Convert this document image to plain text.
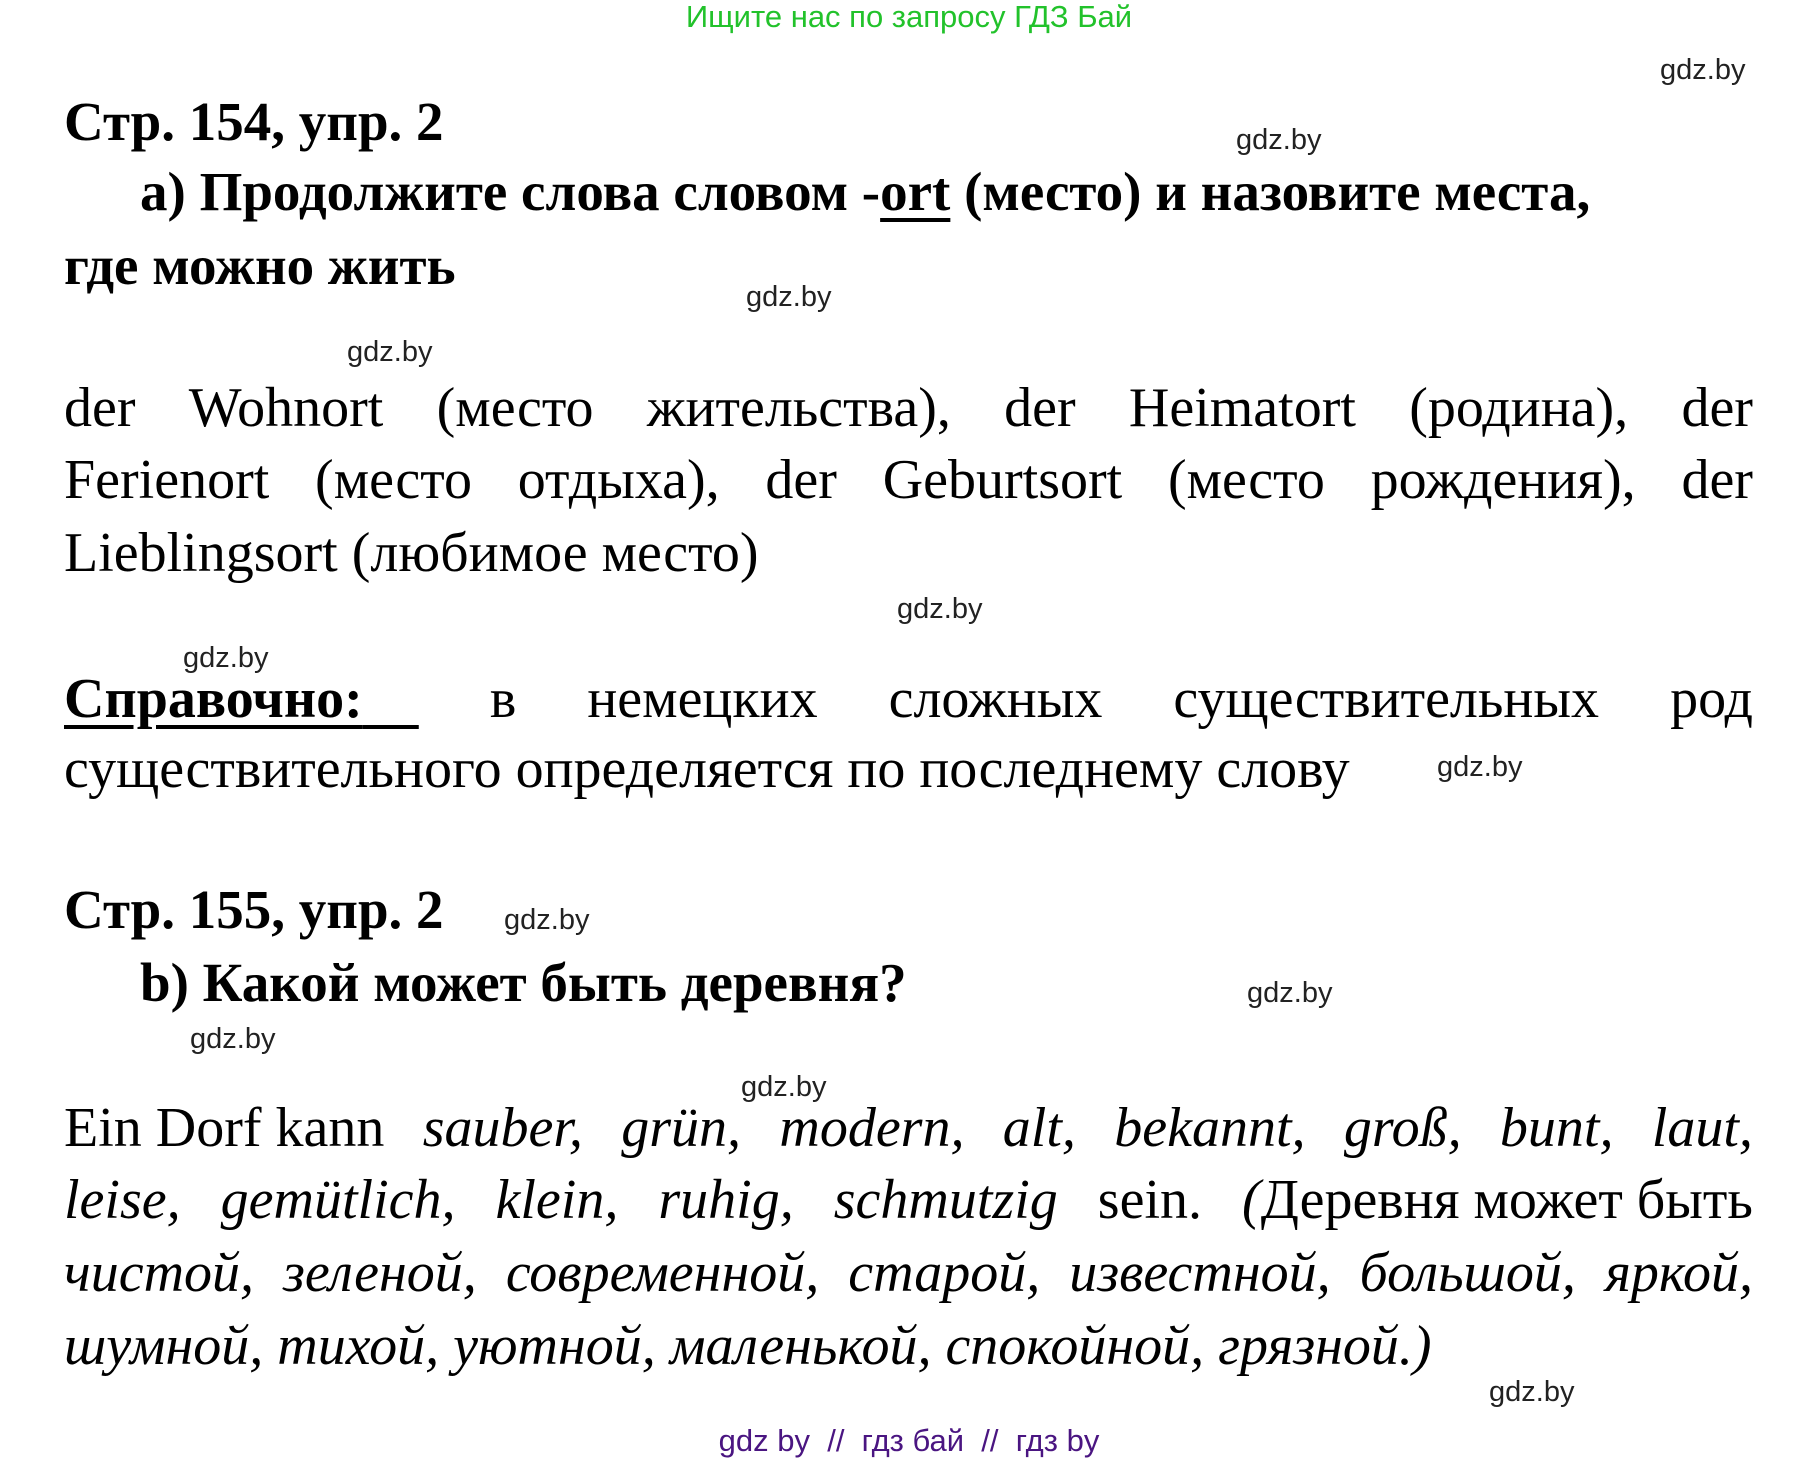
Ищите нас по запросу ГДЗ Бай
gdz.by
gdz.by
gdz.by
gdz.by
gdz.by
gdz.by
gdz.by
gdz.by
gdz.by
gdz.by
gdz.by
gdz.by
Стр. 154, упр. 2
а) Продолжите слова словом -ort (место) и назовите места,
где можно жить
der Wohnort (место жительства), der Heimatort (родина), der
Ferienort (место отдыха), der Geburtsort (место рождения), der
Lieblingsort (любимое место)
Справочно:	в немецких сложных существительных род
существительного определяется по последнему слову
Стр. 155, упр. 2
b) Какой может быть деревня?
Ein Dorf kann sauber, grün, modern, alt, bekannt, groß, bunt, laut,
leise, gemütlich, klein, ruhig, schmutzig sein. (Деревня может быть
чистой, зеленой, современной, старой, известной, большой, яркой,
шумной, тихой, уютной, маленькой, спокойной, грязной.)
gdz by  //  гдз бай  //  гдз by
